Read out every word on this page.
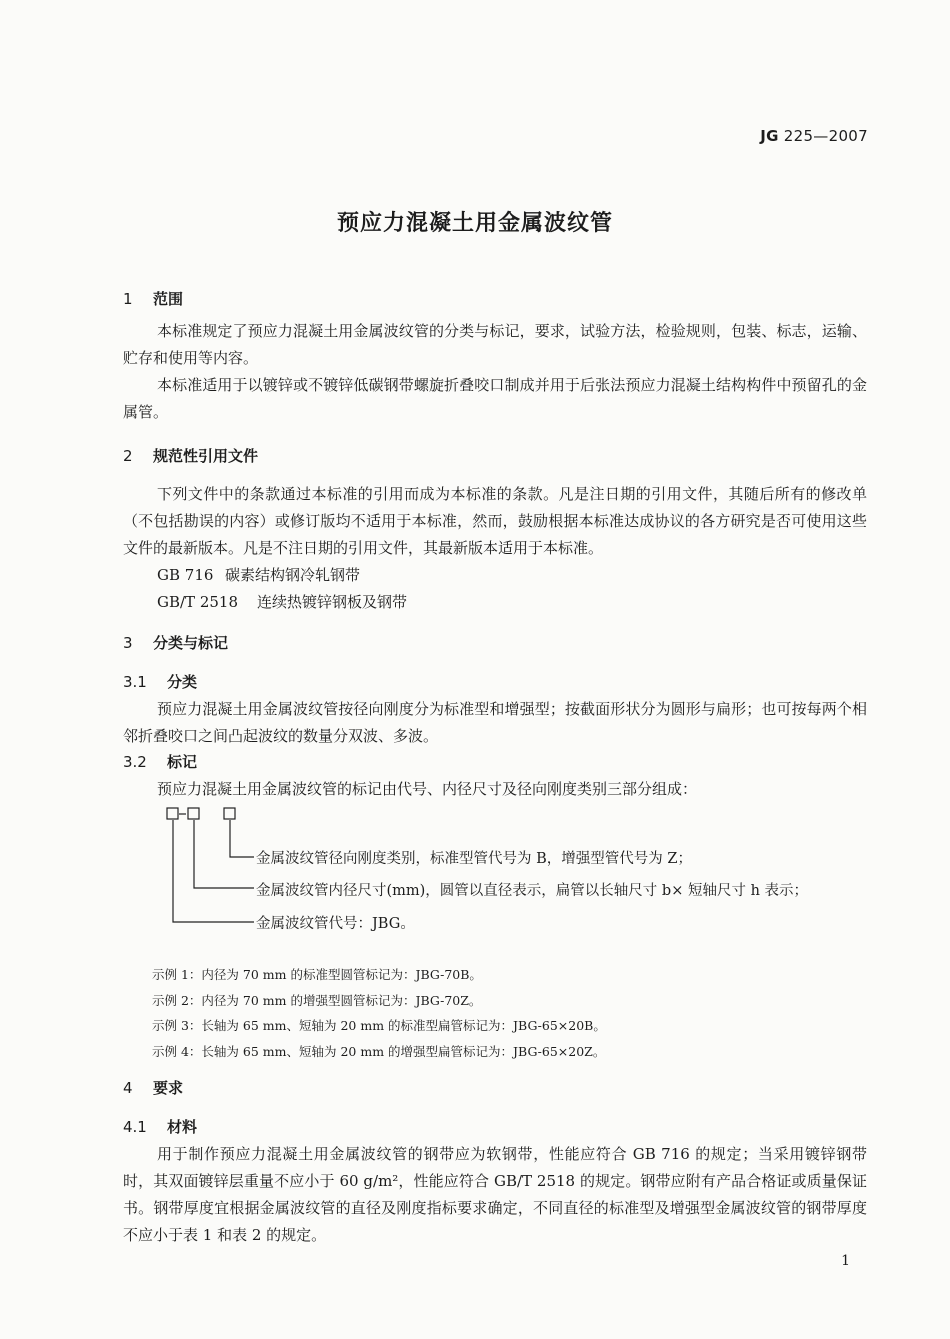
JG 225—2007
预应力混凝土用金属波纹管
1 范围
本标准规定了预应力混凝土用金属波纹管的分类与标记，要求，试验方法，检验规则，包装、标志，运输、贮存和使用等内容。
本标准适用于以镀锌或不镀锌低碳钢带螺旋折叠咬口制成并用于后张法预应力混凝土结构构件中预留孔的金属管。
2 规范性引用文件
下列文件中的条款通过本标准的引用而成为本标准的条款。凡是注日期的引用文件，其随后所有的修改单（不包括勘误的内容）或修订版均不适用于本标准，然而，鼓励根据本标准达成协议的各方研究是否可使用这些文件的最新版本。凡是不注日期的引用文件，其最新版本适用于本标准。
GB 716 碳素结构钢冷轧钢带
GB/T 2518 连续热镀锌钢板及钢带
3 分类与标记
3.1 分类
预应力混凝土用金属波纹管按径向刚度分为标准型和增强型；按截面形状分为圆形与扁形；也可按每两个相邻折叠咬口之间凸起波纹的数量分双波、多波。
3.2 标记
预应力混凝土用金属波纹管的标记由代号、内径尺寸及径向刚度类别三部分组成：
金属波纹管径向刚度类别，标准型管代号为 B，增强型管代号为 Z；
金属波纹管内径尺寸(mm)，圆管以直径表示，扁管以长轴尺寸 b× 短轴尺寸 h 表示；
金属波纹管代号：JBG。
示例 1：内径为 70 mm 的标准型圆管标记为：JBG-70B。
示例 2：内径为 70 mm 的增强型圆管标记为：JBG-70Z。
示例 3：长轴为 65 mm、短轴为 20 mm 的标准型扁管标记为：JBG-65×20B。
示例 4：长轴为 65 mm、短轴为 20 mm 的增强型扁管标记为：JBG-65×20Z。
4 要求
4.1 材料
用于制作预应力混凝土用金属波纹管的钢带应为软钢带，性能应符合 GB 716 的规定；当采用镀锌钢带时，其双面镀锌层重量不应小于 60 g/m²，性能应符合 GB/T 2518 的规定。钢带应附有产品合格证或质量保证书。钢带厚度宜根据金属波纹管的直径及刚度指标要求确定，不同直径的标准型及增强型金属波纹管的钢带厚度不应小于表 1 和表 2 的规定。
1
